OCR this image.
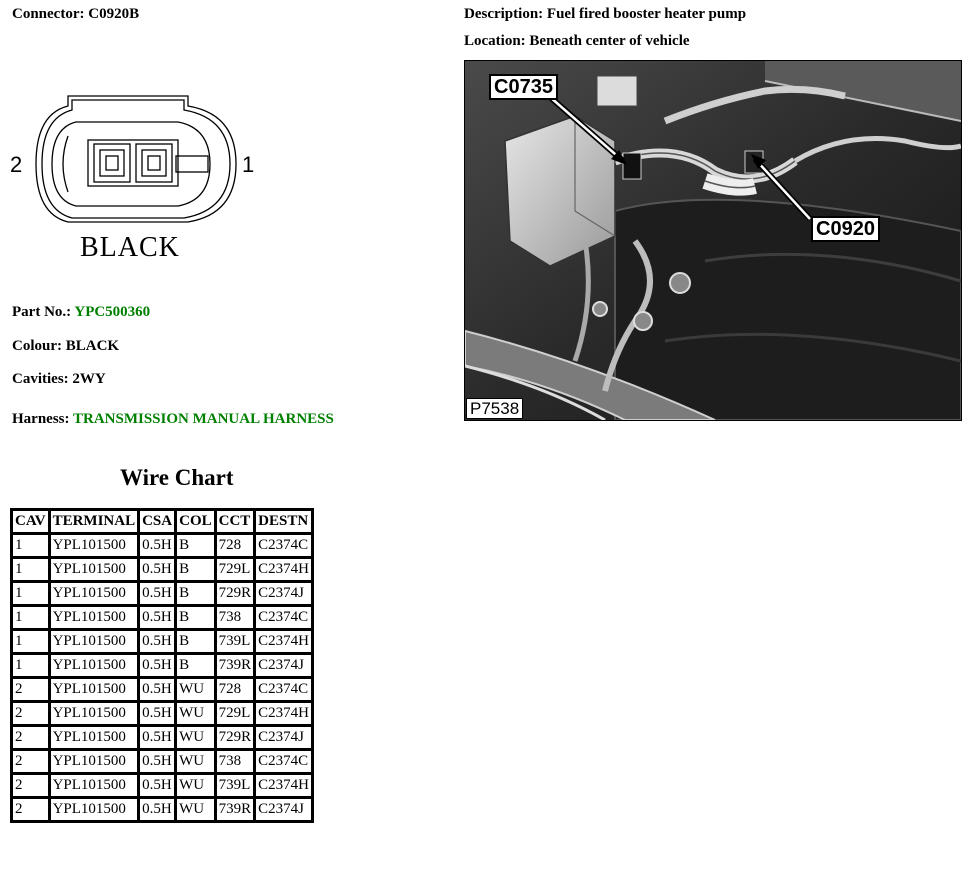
Connector: C0920B	Description: Fuel fired booster heater pump
Location: Beneath center of vehicle
2	1
BLACK
Part No.: YPC500360
Colour: BLACK
Cavities: 2WY
Harness: TRANSMISSION MANUAL HARNESS
Wire Chart
CAV	TERMINAL	CSA	COL	CCT	DESTN
1	YPL101500	0.5H	B	728	C2374C
1	YPL101500	0.5H	B	729L	C2374H
1	YPL101500	0.5H	B	729R	C2374J
1	YPL101500	0.5H	B	738	C2374C
1	YPL101500	0.5H	B	739L	C2374H
1	YPL101500	0.5H	B	739R	C2374J
2	YPL101500	0.5H	WU	728	C2374C
2	YPL101500	0.5H	WU	729L	C2374H
2	YPL101500	0.5H	WU	729R	C2374J
2	YPL101500	0.5H	WU	738	C2374C
2	YPL101500	0.5H	WU	739L	C2374H
2	YPL101500	0.5H	WU	739R	C2374J
C0735
C0920
P7538
